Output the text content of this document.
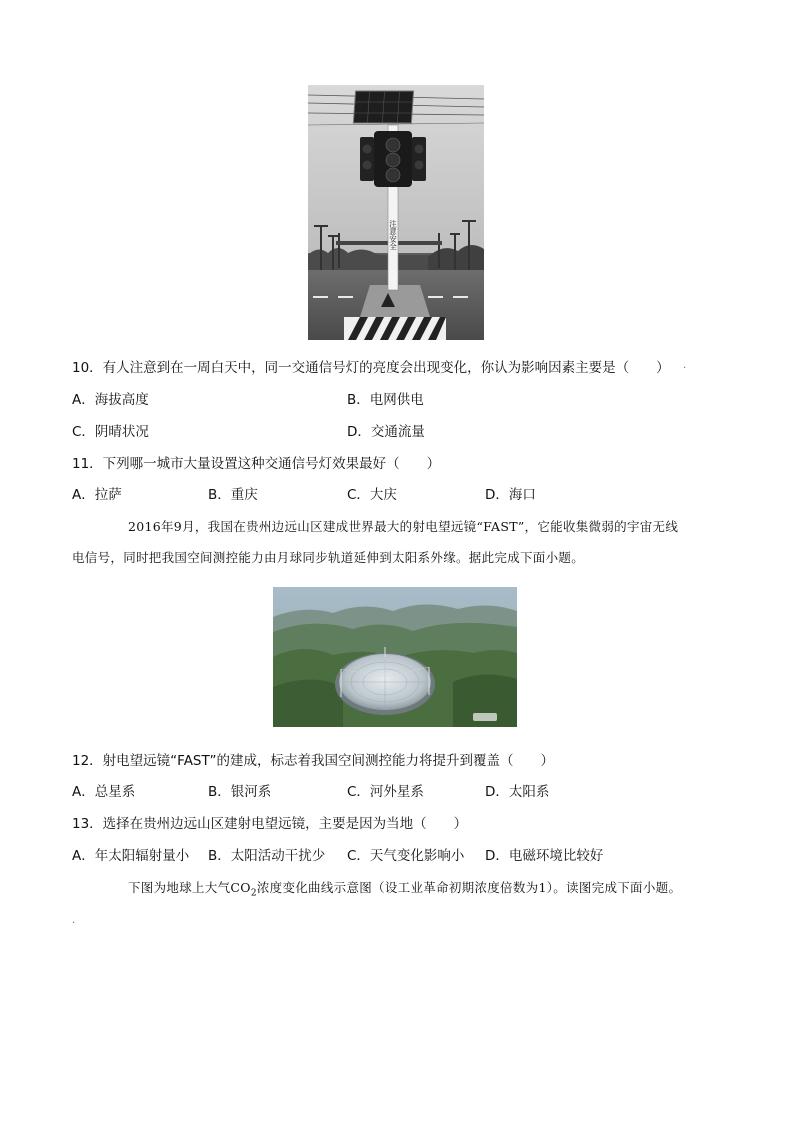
注意安全
10．有人注意到在一周白天中，同一交通信号灯的亮度会出现变化，你认为影响因素主要是（　　） ·
A．海拔高度	B．电网供电
C．阴晴状况	D．交通流量
11．下列哪一城市大量设置这种交通信号灯效果最好（　　）
A．拉萨	B．重庆	C．大庆	D．海口
2016年9月，我国在贵州边远山区建成世界最大的射电望远镜“FAST”，它能收集微弱的宇宙无线
电信号，同时把我国空间测控能力由月球同步轨道延伸到太阳系外缘。据此完成下面小题。
12．射电望远镜“FAST”的建成，标志着我国空间测控能力将提升到覆盖（　　）
A．总星系	B．银河系	C．河外星系	D．太阳系
13．选择在贵州边远山区建射电望远镜，主要是因为当地（　　）
A．年太阳辐射量小 B．太阳活动干扰少 C．天气变化影响小 D．电磁环境比较好
下图为地球上大气$CO_2$浓度变化曲线示意图（设工业革命初期浓度倍数为1）。读图完成下面小题。
·
